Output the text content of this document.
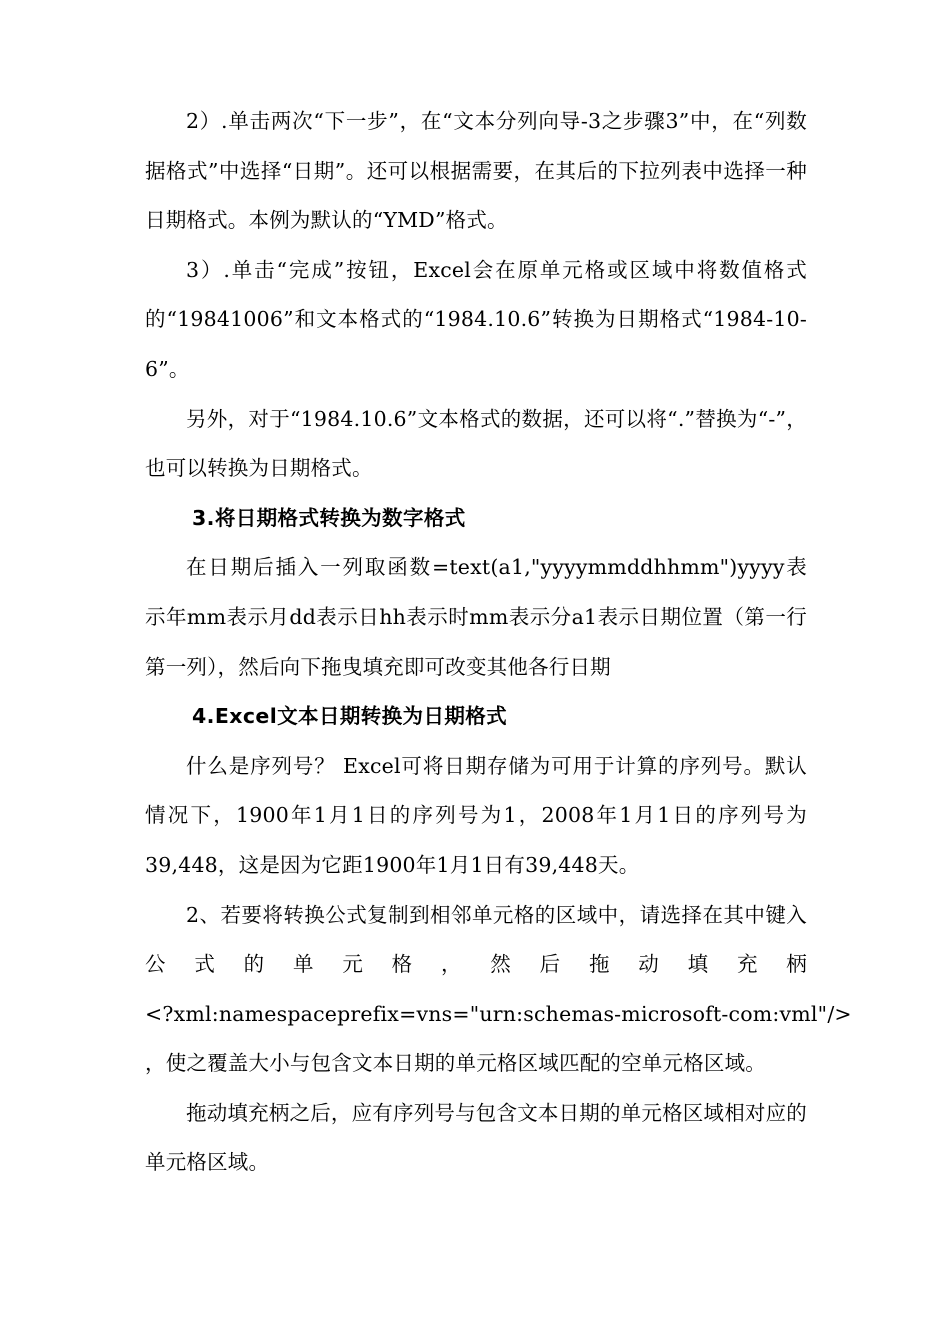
2）.单击两次“下一步”，在“文本分列向导-3之步骤3”中，在“列数据格式”中选择“日期”。还可以根据需要，在其后的下拉列表中选择一种日期格式。本例为默认的“YMD”格式。

3）.单击“完成”按钮，Excel会在原单元格或区域中将数值格式的“19841006”和文本格式的“1984.10.6”转换为日期格式“1984-10-6”。

另外，对于“1984.10.6”文本格式的数据，还可以将“.”替换为“-”，也可以转换为日期格式。

3.将日期格式转换为数字格式

在日期后插入一列取函数=text(a1,"yyyymmddhhmm")yyyy表示年mm表示月dd表示日hh表示时mm表示分a1表示日期位置（第一行第一列），然后向下拖曳填充即可改变其他各行日期

4.Excel文本日期转换为日期格式

什么是序列号？ Excel可将日期存储为可用于计算的序列号。默认情况下，1900年1月1日的序列号为1，2008年1月1日的序列号为39,448，这是因为它距1900年1月1日有39,448天。

2、若要将转换公式复制到相邻单元格的区域中，请选择在其中键入公式的单元格，然后拖动填充柄

<?xml:namespaceprefix=vns="urn:schemas-microsoft-com:vml"/>

，使之覆盖大小与包含文本日期的单元格区域匹配的空单元格区域。

拖动填充柄之后，应有序列号与包含文本日期的单元格区域相对应的单元格区域。
